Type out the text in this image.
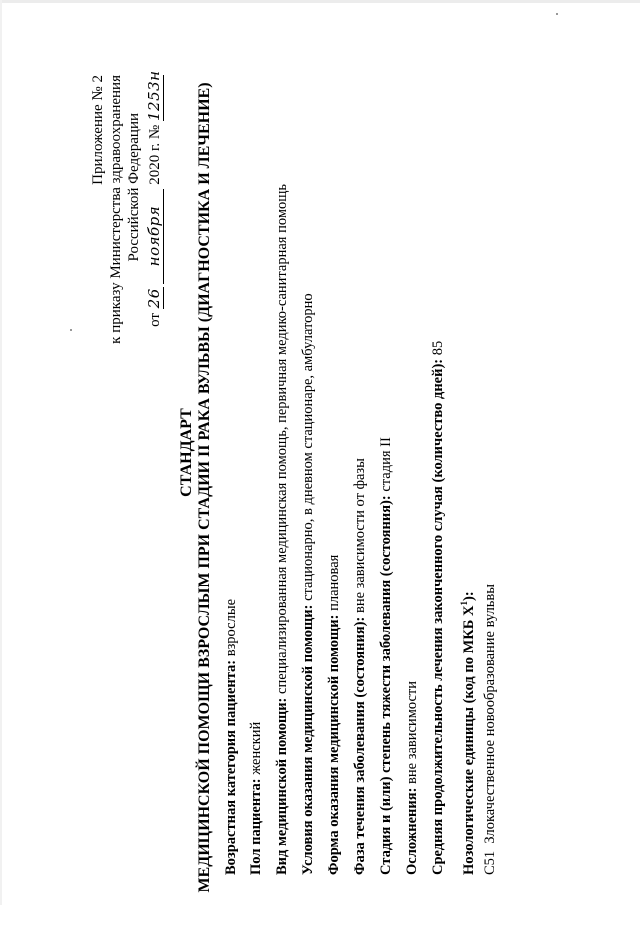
Приложение № 2 к приказу Министерства здравоохранения Российской Федерации
от 26 ноября 2020 г. № 1253н
СТАНДАРТ МЕДИЦИНСКОЙ ПОМОЩИ ВЗРОСЛЫМ ПРИ СТАДИИ II РАКА ВУЛЬВЫ (ДИАГНОСТИКА И ЛЕЧЕНИЕ) Возрастная категория пациента: взрослые
Пол пациента: женский Вид медицинской помощи: специализированная медицинская помощь, первичная медико-санитарная помощь
Условия оказания медицинской помощи: стационарно, в дневном стационаре, амбулаторно
Форма оказания медицинской помощи: плановая
Фаза течения заболевания (состояния): вне зависимости от фазы Стадия и (или) степень тяжести заболевания (состояния): стадия II
Осложнения: вне зависимости Средняя продолжительность лечения законченного случая (количество дней): 85
Нозологические единицы (код по МКБ $X^1$):
C51  Злокачественное новообразование вульвы
